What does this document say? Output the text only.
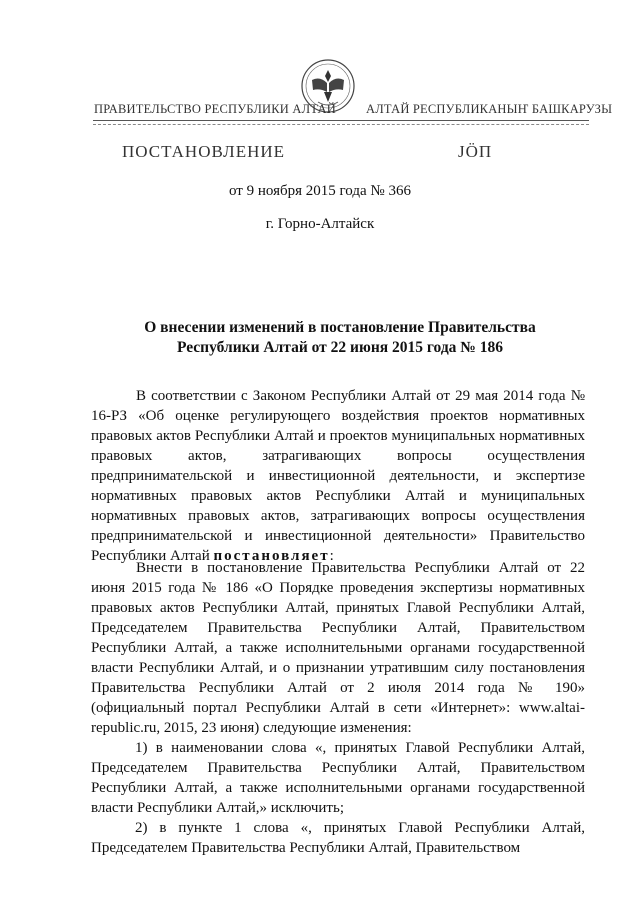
ПРАВИТЕЛЬСТВО РЕСПУБЛИКИ АЛТАЙ АЛТАЙ РЕСПУБЛИКАНЫҤ БАШКАРУЗЫ
ПОСТАНОВЛЕНИЕ	ЈӦП
от 9 ноября 2015 года № 366
г. Горно-Алтайск
О внесении изменений в постановление Правительства
Республики Алтай от 22 июня 2015 года № 186

В соответствии с Законом Республики Алтай от 29 мая 2014 года № 16-РЗ «Об оценке регулирующего воздействия проектов нормативных правовых актов Республики Алтай и проектов муниципальных нормативных правовых актов, затрагивающих вопросы осуществления предпринимательской и инвестиционной деятельности, и экспертизе нормативных правовых актов Республики Алтай и муниципальных нормативных правовых актов, затрагивающих вопросы осуществления предпринимательской и инвестиционной деятельности» Правительство Республики Алтай постановляет:

Внести в постановление Правительства Республики Алтай от 22 июня 2015 года № 186 «О Порядке проведения экспертизы нормативных правовых актов Республики Алтай, принятых Главой Республики Алтай, Председателем Правительства Республики Алтай, Правительством Республики Алтай, а также исполнительными органами государственной власти Республики Алтай, и о признании утратившим силу постановления Правительства Республики Алтай от 2 июля 2014 года № 190» (официальный портал Республики Алтай в сети «Интернет»: www.altai-republic.ru, 2015, 23 июня) следующие изменения:

1) в наименовании слова «, принятых Главой Республики Алтай, Председателем Правительства Республики Алтай, Правительством Республики Алтай, а также исполнительными органами государственной власти Республики Алтай,» исключить;

2) в пункте 1 слова «, принятых Главой Республики Алтай, Председателем Правительства Республики Алтай, Правительством
